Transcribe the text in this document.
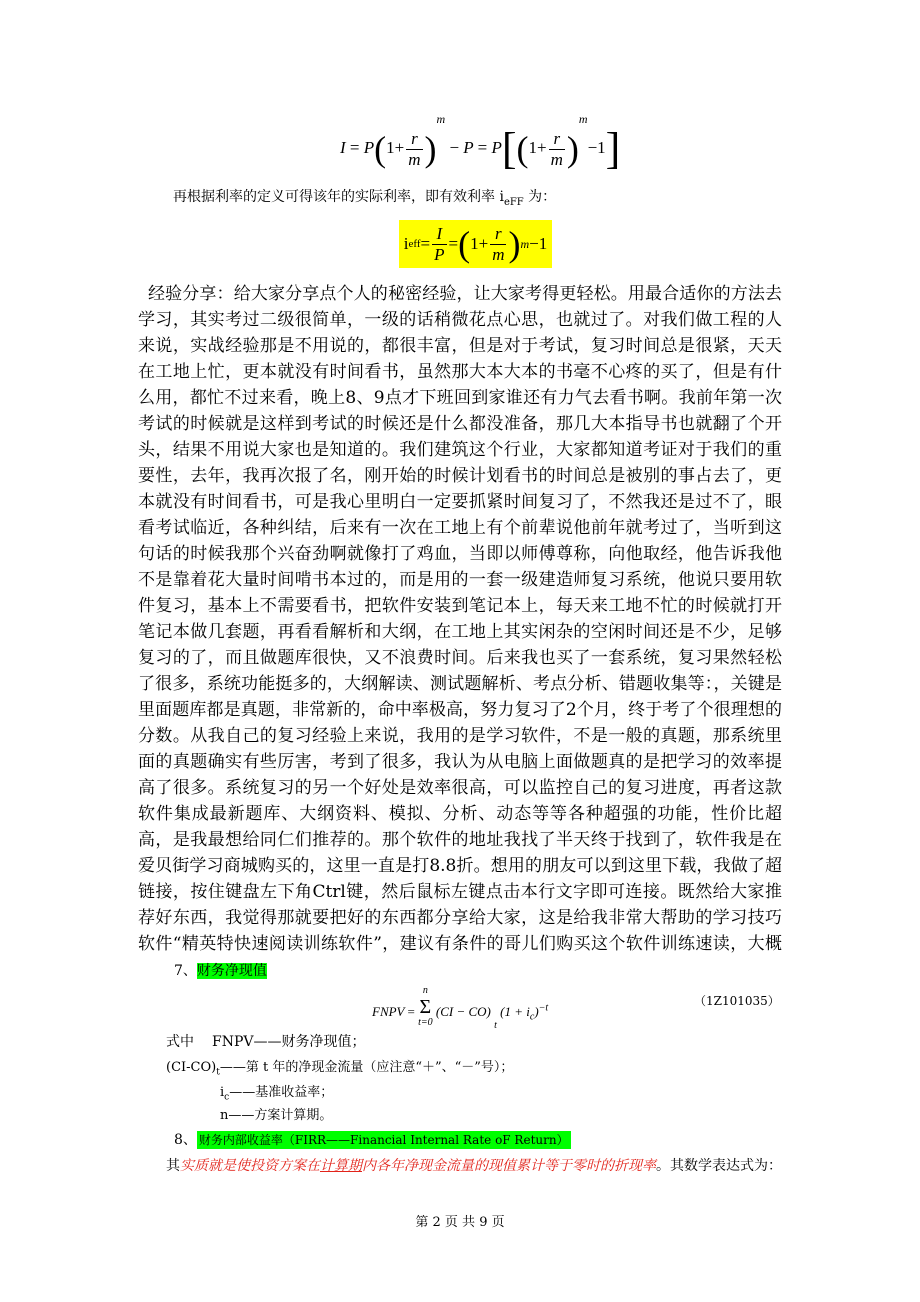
$I = P(1+ \frac{r}{m} )^m - P = P[(1+ \frac{r}{m} )^m-1]$
再根据利率的定义可得该年的实际利率，即有效利率 $i_{eFF}$ 为：
i eff = $\frac{I}{P}$ = ( $1 + \frac{r}{m}$ ) m −1
经验分享：给大家分享点个人的秘密经验，让大家考得更轻松。用最合适你的方法去学习，其实考过二级很简单，一级的话稍微花点心思，也就过了。对我们做工程的人来说，实战经验那是不用说的，都很丰富，但是对于考试，复习时间总是很紧，天天在工地上忙，更本就没有时间看书，虽然那大本大本的书毫不心疼的买了，但是有什么用，都忙不过来看，晚上8、9点才下班回到家谁还有力气去看书啊。我前年第一次考试的时候就是这样到考试的时候还是什么都没准备，那几大本指导书也就翻了个开头，结果不用说大家也是知道的。我们建筑这个行业，大家都知道考证对于我们的重要性，去年，我再次报了名，刚开始的时候计划看书的时间总是被别的事占去了，更本就没有时间看书，可是我心里明白一定要抓紧时间复习了，不然我还是过不了，眼看考试临近，各种纠结，后来有一次在工地上有个前辈说他前年就考过了，当听到这句话的时候我那个兴奋劲啊就像打了鸡血，当即以师傅尊称，向他取经，他告诉我他不是靠着花大量时间啃书本过的，而是用的一套一级建造师复习系统，他说只要用软件复习，基本上不需要看书，把软件安装到笔记本上，每天来工地不忙的时候就打开笔记本做几套题，再看看解析和大纲，在工地上其实闲杂的空闲时间还是不少，足够复习的了，而且做题库很快，又不浪费时间。后来我也买了一套系统，复习果然轻松了很多，系统功能挺多的，大纲解读、测试题解析、考点分析、错题收集等：，关键是里面题库都是真题，非常新的，命中率极高，努力复习了2个月，终于考了个很理想的分数。从我自己的复习经验上来说，我用的是学习软件，不是一般的真题，那系统里面的真题确实有些厉害，考到了很多，我认为从电脑上面做题真的是把学习的效率提高了很多。系统复习的另一个好处是效率很高，可以监控自己的复习进度，再者这款软件集成最新题库、大纲资料、模拟、分析、动态等等各种超强的功能，性价比超高，是我最想给同仁们推荐的。那个软件的地址我找了半天终于找到了，软件我是在爱贝街学习商城购买的，这里一直是打8.8折。想用的朋友可以到这里下载，我做了超链接，按住键盘左下角Ctrl键，然后鼠标左键点击本行文字即可连接。既然给大家推荐好东西，我觉得那就要把好的东西都分享给大家，这是给我非常大帮助的学习技巧软件“精英特快速阅读训练软件”，建议有条件的哥儿们购买这个软件训练速读，大概
7、财务净现值
FNPV =
n
Σ
t=0
(CI − CO) $_t$ $(1 + i_c)^{-t}$
（1Z101035）
式中 FNPV——财务净现值；
$(CI-CO)_t——$第 t 年的净现金流量（应注意“＋”、“－”号）；
$i_c——$基准收益率；
n——方案计算期。
8、 财务内部收益率（FIRR——Financial Internal Rate oF Return）
其实质就是使投资方案在计算期内各年净现金流量的现值累计等于零时的折现率。其数学表达式为：
第 2 页 共 9 页
